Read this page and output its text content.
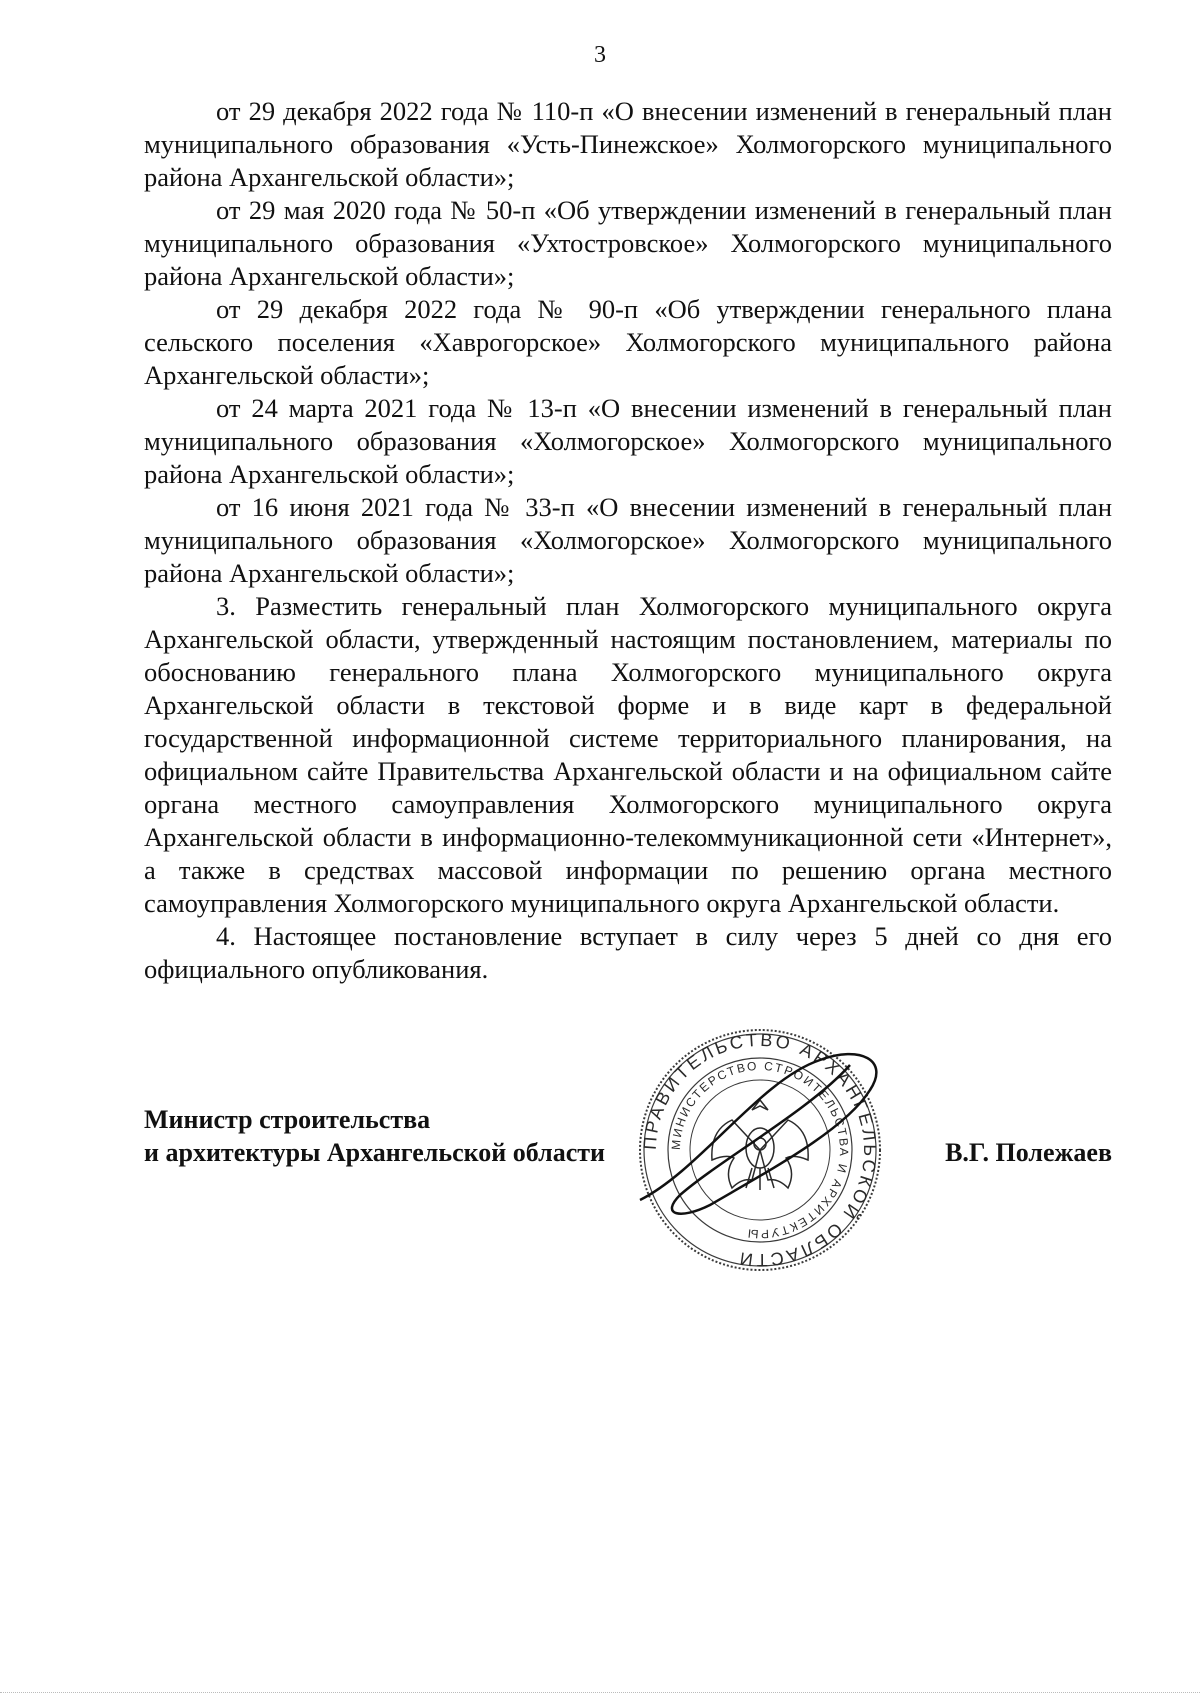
3

от 29 декабря 2022 года № 110-п «О внесении изменений в генеральный план муниципального образования «Усть-Пинежское» Холмогорского муниципального района Архангельской области»;

от 29 мая 2020 года № 50-п «Об утверждении изменений в генеральный план муниципального образования «Ухтостровское» Холмогорского муниципального района Архангельской области»;

от 29 декабря 2022 года № 90-п «Об утверждении генерального плана сельского поселения «Хаврогорское» Холмогорского муниципального района Архангельской области»;

от 24 марта 2021 года № 13-п «О внесении изменений в генеральный план муниципального образования «Холмогорское» Холмогорского муниципального района Архангельской области»;

от 16 июня 2021 года № 33-п «О внесении изменений в генеральный план муниципального образования «Холмогорское» Холмогорского муниципального района Архангельской области»;

3. Разместить генеральный план Холмогорского муниципального округа Архангельской области, утвержденный настоящим постановлением, материалы по обоснованию генерального плана Холмогорского муниципального округа Архангельской области в текстовой форме и в виде карт в федеральной государственной информационной системе территориального планирования, на официальном сайте Правительства Архангельской области и на официальном сайте органа местного самоуправления Холмогорского муниципального округа Архангельской области в информационно-телекоммуникационной сети «Интернет», а также в средствах массовой информации по решению органа местного самоуправления Холмогорского муниципального округа Архангельской области.

4. Настоящее постановление вступает в силу через 5 дней со дня его официального опубликования.

ПРАВИТЕЛЬСТВО АРХАНГЕЛЬСКОЙ ОБЛАСТИ
МИНИСТЕРСТВО СТРОИТЕЛЬСТВА И АРХИТЕКТУРЫ
Министр строительства
и архитектуры Архангельской области	В.Г. Полежаев
